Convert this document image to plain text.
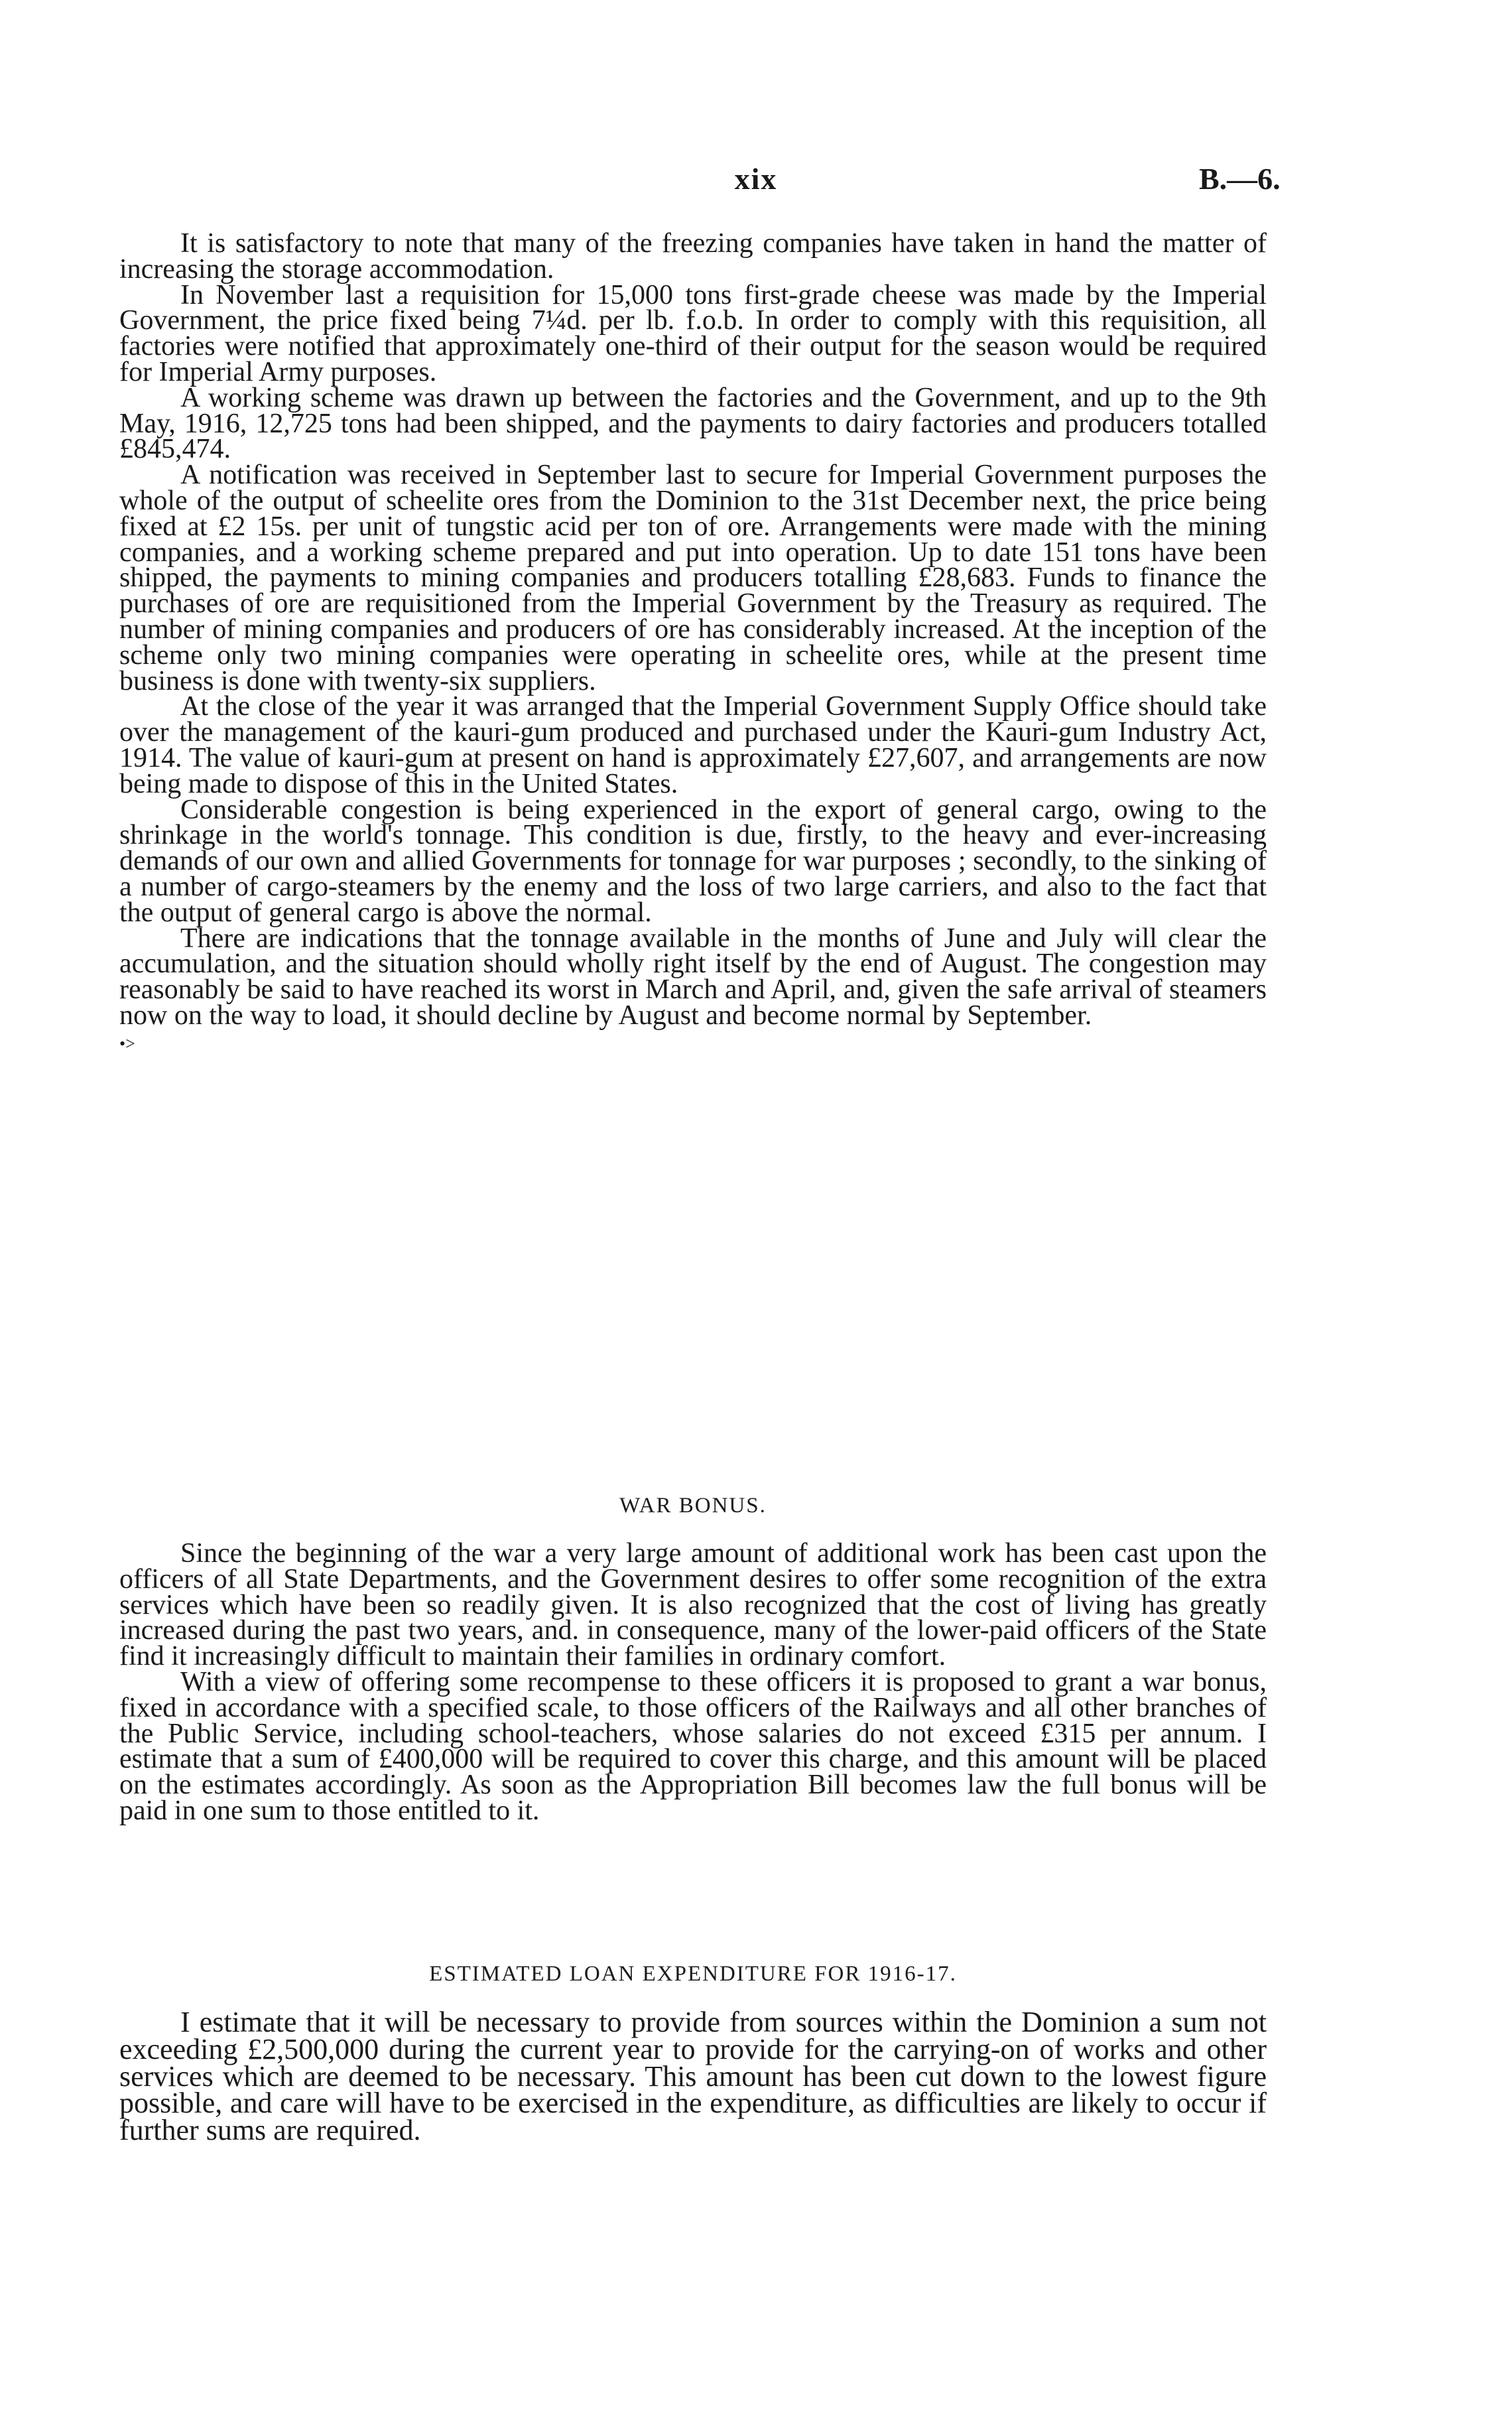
xix	B.—6.

It is satisfactory to note that many of the freezing companies have taken in hand the matter of increasing the storage accommodation.

In November last a requisition for 15,000 tons first-grade cheese was made by the Imperial Government, the price fixed being 7¼d. per lb. f.o.b. In order to comply with this requisition, all factories were notified that approximately one-third of their output for the season would be required for Imperial Army purposes.

A working scheme was drawn up between the factories and the Government, and up to the 9th May, 1916, 12,725 tons had been shipped, and the payments to dairy factories and producers totalled £845,474.

A notification was received in September last to secure for Imperial Government purposes the whole of the output of scheelite ores from the Dominion to the 31st December next, the price being fixed at £2 15s. per unit of tungstic acid per ton of ore. Arrangements were made with the mining companies, and a working scheme prepared and put into operation. Up to date 151 tons have been shipped, the payments to mining companies and producers totalling £28,683. Funds to finance the purchases of ore are requisitioned from the Imperial Government by the Treasury as required. The number of mining companies and producers of ore has considerably increased. At the inception of the scheme only two mining companies were operating in scheelite ores, while at the present time business is done with twenty-six suppliers.

At the close of the year it was arranged that the Imperial Government Supply Office should take over the management of the kauri-gum produced and purchased under the Kauri-gum Industry Act, 1914. The value of kauri-gum at present on hand is approximately £27,607, and arrangements are now being made to dispose of this in the United States.

Considerable congestion is being experienced in the export of general cargo, owing to the shrinkage in the world's tonnage. This condition is due, firstly, to the heavy and ever-increasing demands of our own and allied Governments for tonnage for war purposes ; secondly, to the sinking of a number of cargo-steamers by the enemy and the loss of two large carriers, and also to the fact that the output of general cargo is above the normal.

There are indications that the tonnage available in the months of June and July will clear the accumulation, and the situation should wholly right itself by the end of August. The congestion may reasonably be said to have reached its worst in March and April, and, given the safe arrival of steamers now on the way to load, it should decline by August and become normal by September.

•>
WAR BONUS.

Since the beginning of the war a very large amount of additional work has been cast upon the officers of all State Departments, and the Government desires to offer some recognition of the extra services which have been so readily given. It is also recognized that the cost of living has greatly increased during the past two years, and. in consequence, many of the lower-paid officers of the State find it increasingly difficult to maintain their families in ordinary comfort.

With a view of offering some recompense to these officers it is proposed to grant a war bonus, fixed in accordance with a specified scale, to those officers of the Railways and all other branches of the Public Service, including school-teachers, whose salaries do not exceed £315 per annum. I estimate that a sum of £400,000 will be required to cover this charge, and this amount will be placed on the estimates accordingly. As soon as the Appropriation Bill becomes law the full bonus will be paid in one sum to those entitled to it.

ESTIMATED LOAN EXPENDITURE FOR 1916-17.

I estimate that it will be necessary to provide from sources within the Dominion a sum not exceeding £2,500,000 during the current year to provide for the carrying-on of works and other services which are deemed to be necessary. This amount has been cut down to the lowest figure possible, and care will have to be exercised in the expenditure, as difficulties are likely to occur if further sums are required.
